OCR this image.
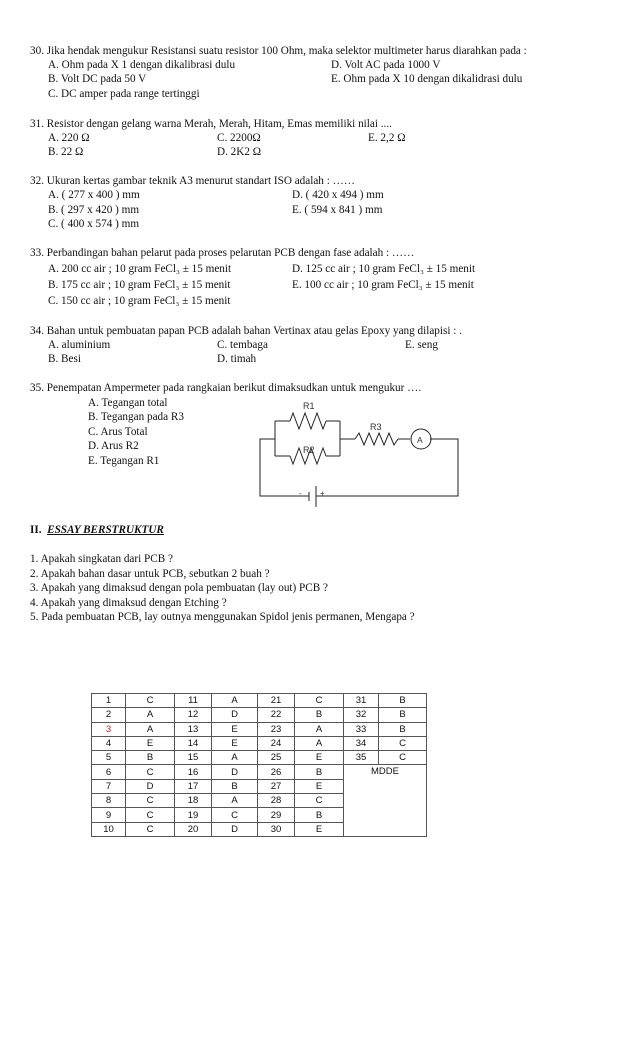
30. Jika hendak mengukur Resistansi suatu resistor 100 Ohm, maka selektor multimeter harus diarahkan pada :
A. Ohm pada X 1 dengan dikalibrasi dulu	D. Volt AC pada 1000 V
B. Volt DC pada 50 V	E. Ohm pada X 10 dengan dikalidrasi dulu
C. DC amper pada range tertinggi
31. Resistor dengan gelang warna Merah, Merah, Hitam, Emas memiliki nilai ....
A. 220 Ω	C. 2200Ω	E. 2,2 Ω
B. 22 Ω	D. 2K2 Ω
32. Ukuran kertas gambar teknik A3 menurut standart ISO adalah : ……
A. ( 277 x 400 ) mm	D. ( 420 x 494 ) mm
B. ( 297 x 420 ) mm	E. ( 594 x 841 ) mm
C. ( 400 x 574 ) mm
33. Perbandingan bahan pelarut pada proses pelarutan PCB dengan fase adalah : ……
A. 200 cc air ; 10 gram FeCl₃ ± 15 menit	D. 125 cc air ; 10 gram FeCl₃ ± 15 menit
B. 175 cc air ; 10 gram FeCl₃ ± 15 menit	E. 100 cc air ; 10 gram FeCl₃ ± 15 menit
C. 150 cc air ; 10 gram FeCl₃ ± 15 menit
34. Bahan untuk pembuatan papan PCB adalah bahan Vertinax atau gelas Epoxy yang dilapisi : .
A. aluminium	C. tembaga	E. seng
B. Besi	D. timah
35. Penempatan Ampermeter pada rangkaian berikut dimaksudkan untuk mengukur ….
A. Tegangan total
B. Tegangan pada R3
C. Arus Total
D. Arus R2
E. Tegangan R1
R1
R2
R3
A
- +
II. ESSAY BERSTRUKTUR
1. Apakah singkatan dari PCB ?
2. Apakah bahan dasar untuk PCB, sebutkan 2 buah ?
3. Apakah yang dimaksud dengan pola pembuatan (lay out) PCB ?
4. Apakah yang dimaksud dengan Etching ?
5. Pada pembuatan PCB, lay outnya menggunakan Spidol jenis permanen, Mengapa ?
1	C	11	A	21	C	31	B
2	A	12	D	22	B	32	B
3	A	13	E	23	A	33	B
4	E	14	E	24	A	34	C
5	B	15	A	25	E	35	C
6	C	16	D	26	B	MDDE	
7	D	17	B	27	E		
8	C	18	A	28	C		
9	C	19	C	29	B		
10	C	20	D	30	E		
